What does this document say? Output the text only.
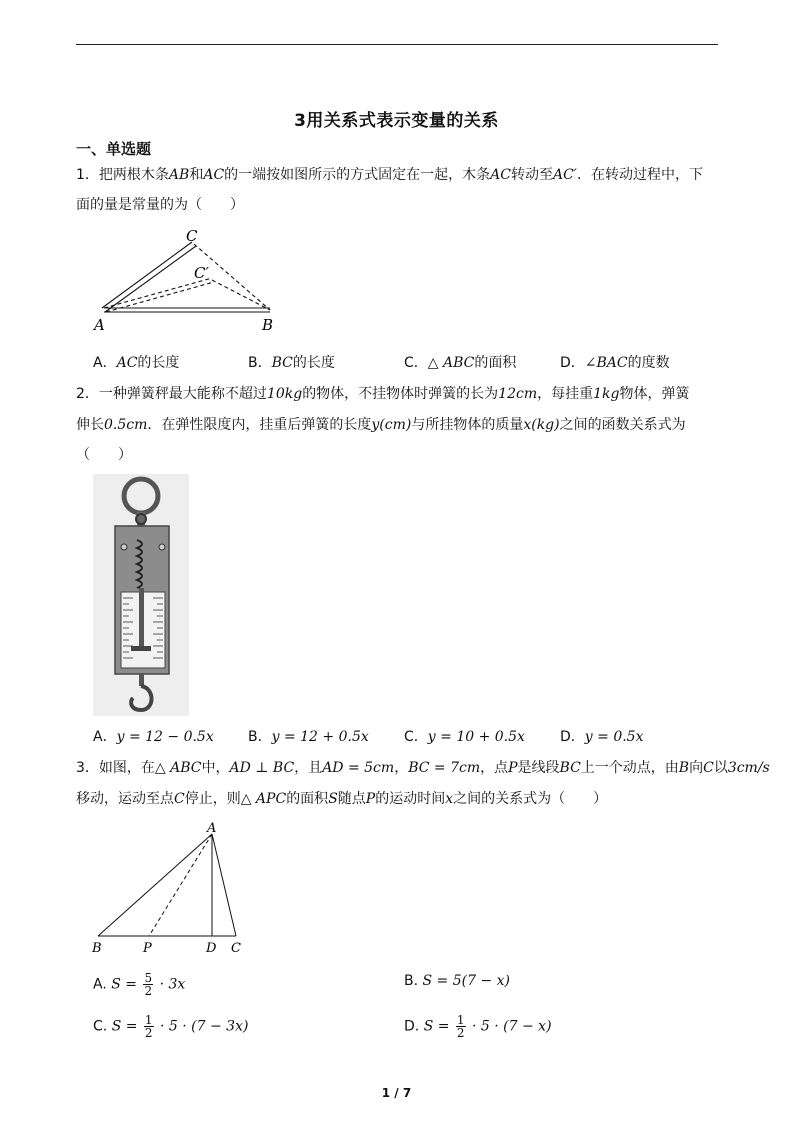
3用关系式表示变量的关系
一、单选题
1．把两根木条AB和AC的一端按如图所示的方式固定在一起，木条AC转动至AC′．在转动过程中，下
面的量是常量的为（　　）
C
C′
A	B
A．AC的长度	B．BC的长度	C．△ ABC的面积	D．∠BAC的度数
2．一种弹簧秤最大能称不超过10kg的物体，不挂物体时弹簧的长为12cm，每挂重1kg物体，弹簧
伸长0.5cm．在弹性限度内，挂重后弹簧的长度y(cm)与所挂物体的质量x(kg)之间的函数关系式为
（　　）
A．y = 12 − 0.5x B．y = 12 + 0.5x	C．y = 10 + 0.5x	D．y = 0.5x
3．如图，在△ ABC中，AD ⊥ BC，且AD = 5cm，BC = 7cm，点P是线段BC上一个动点，由B向C以3cm/s
移动，运动至点C停止，则△ APC的面积S随点P的运动时间x之间的关系式为（　　）
A
B	P	D C
A. $S = \frac{5}{2} \cdot 3x$	B. S = 5(7 − x)
C. $S = \frac{1}{2} \cdot 5 \cdot (7 - 3x)$	D. $S = \frac{1}{2} \cdot 5 \cdot (7 - x)$
1 / 7
